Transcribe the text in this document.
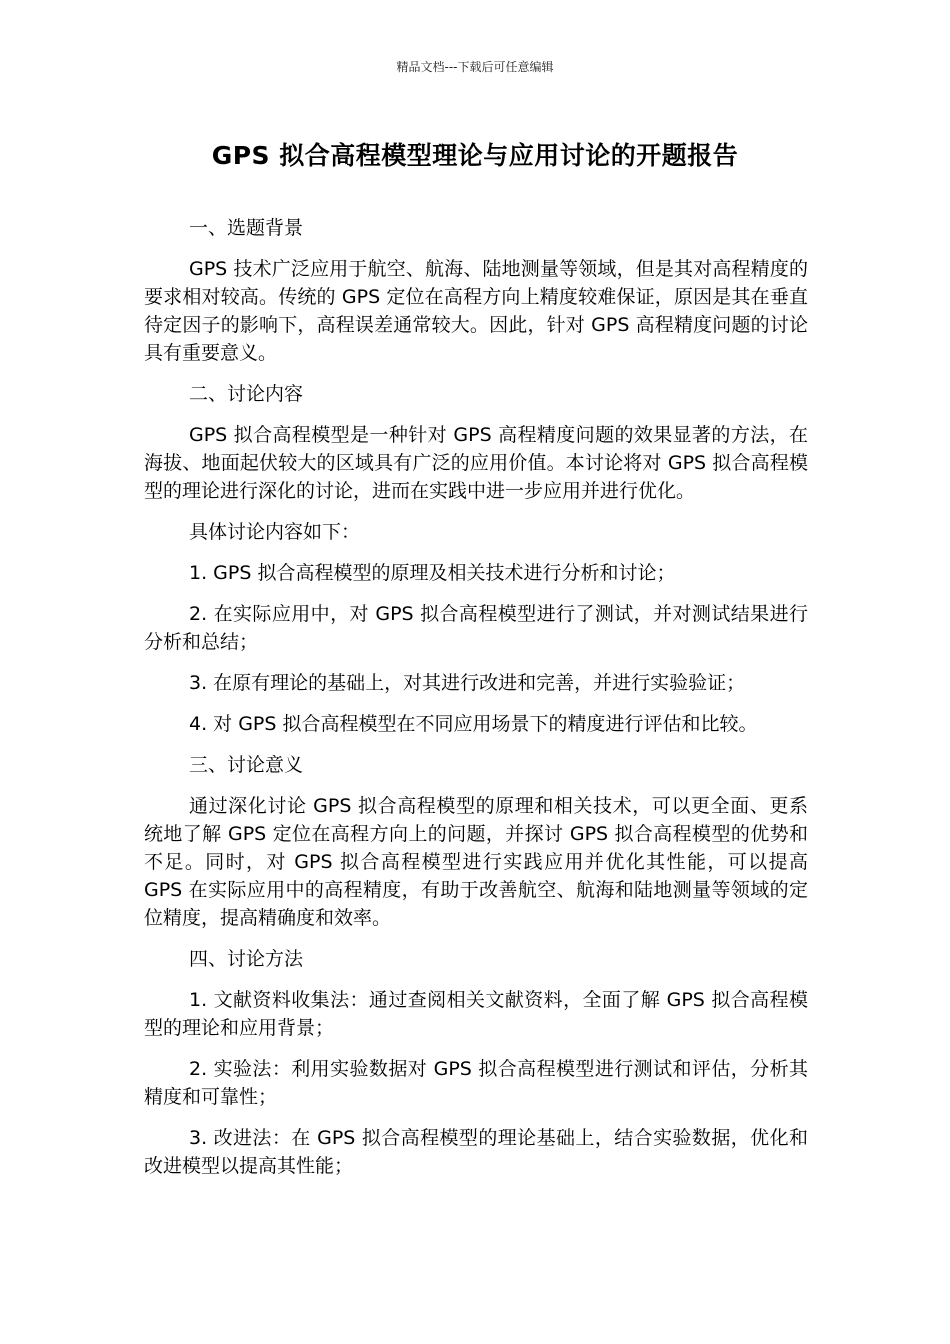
精品文档---下载后可任意编辑
GPS 拟合高程模型理论与应用讨论的开题报告

一、选题背景

GPS 技术广泛应用于航空、航海、陆地测量等领域，但是其对高程精度的要求相对较高。传统的 GPS 定位在高程方向上精度较难保证，原因是其在垂直待定因子的影响下，高程误差通常较大。因此，针对 GPS 高程精度问题的讨论具有重要意义。

二、讨论内容

GPS 拟合高程模型是一种针对 GPS 高程精度问题的效果显著的方法，在海拔、地面起伏较大的区域具有广泛的应用价值。本讨论将对 GPS 拟合高程模型的理论进行深化的讨论，进而在实践中进一步应用并进行优化。

具体讨论内容如下：

1. GPS 拟合高程模型的原理及相关技术进行分析和讨论；

2. 在实际应用中，对 GPS 拟合高程模型进行了测试，并对测试结果进行分析和总结；

3. 在原有理论的基础上，对其进行改进和完善，并进行实验验证；

4. 对 GPS 拟合高程模型在不同应用场景下的精度进行评估和比较。

三、讨论意义

通过深化讨论 GPS 拟合高程模型的原理和相关技术，可以更全面、更系统地了解 GPS 定位在高程方向上的问题，并探讨 GPS 拟合高程模型的优势和不足。同时，对 GPS 拟合高程模型进行实践应用并优化其性能，可以提高 GPS 在实际应用中的高程精度，有助于改善航空、航海和陆地测量等领域的定位精度，提高精确度和效率。

四、讨论方法

1. 文献资料收集法：通过查阅相关文献资料，全面了解 GPS 拟合高程模型的理论和应用背景；

2. 实验法：利用实验数据对 GPS 拟合高程模型进行测试和评估，分析其精度和可靠性；

3. 改进法：在 GPS 拟合高程模型的理论基础上，结合实验数据，优化和改进模型以提高其性能；
